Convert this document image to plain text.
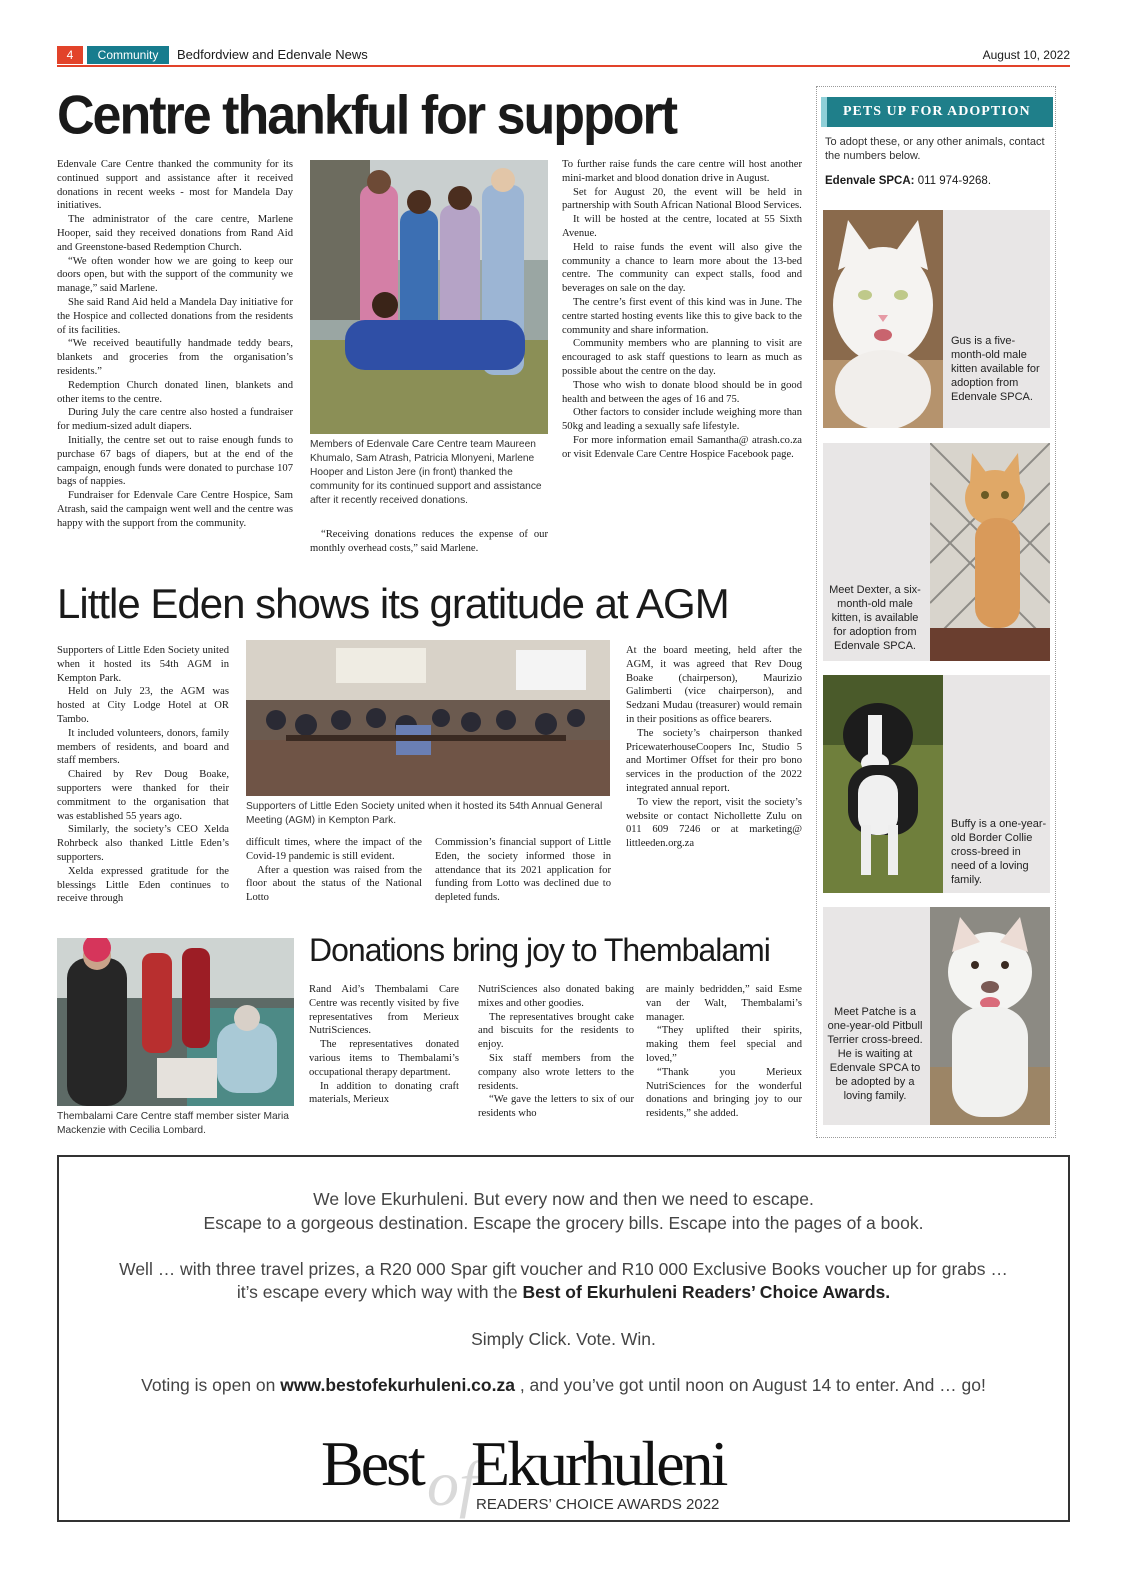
4	Community	Bedfordview and Edenvale News	August 10, 2022
Centre thankful for support

Edenvale Care Centre thanked the community for its continued support and assistance after it received donations in recent weeks - most for Mandela Day initiatives.

The administrator of the care centre, Marlene Hooper, said they received donations from Rand Aid and Greenstone-based Redemption Church.

“We often wonder how we are going to keep our doors open, but with the support of the community we manage,” said Marlene.

She said Rand Aid held a Mandela Day initiative for the Hospice and collected donations from the residents of its facilities.

“We received beautifully handmade teddy bears, blankets and groceries from the organisation’s residents.”

Redemption Church donated linen, blankets and other items to the centre.

During July the care centre also hosted a fundraiser for medium-sized adult diapers.

Initially, the centre set out to raise enough funds to purchase 67 bags of diapers, but at the end of the campaign, enough funds were donated to purchase 107 bags of nappies.

Fundraiser for Edenvale Care Centre Hospice, Sam Atrash, said the campaign went well and the centre was happy with the support from the community.

Members of Edenvale Care Centre team Maureen Khumalo, Sam Atrash, Patricia Mlonyeni, Marlene Hooper and Liston Jere (in front) thanked the community for its continued support and assistance after it recently received donations.

“Receiving donations reduces the expense of our monthly overhead costs,” said Marlene.

To further raise funds the care centre will host another mini-market and blood donation drive in August.

Set for August 20, the event will be held in partnership with South African National Blood Services.

It will be hosted at the centre, located at 55 Sixth Avenue.

Held to raise funds the event will also give the community a chance to learn more about the 13-bed centre. The community can expect stalls, food and beverages on sale on the day.

The centre’s first event of this kind was in June. The centre started hosting events like this to give back to the community and share information.

Community members who are planning to visit are encouraged to ask staff questions to learn as much as possible about the centre on the day.

Those who wish to donate blood should be in good health and between the ages of 16 and 75.

Other factors to consider include weighing more than 50kg and leading a sexually safe lifestyle.

For more information email Samantha@ atrash.co.za or visit Edenvale Care Centre Hospice Facebook page.

Little Eden shows its gratitude at AGM

Supporters of Little Eden Society united when it hosted its 54th AGM in Kempton Park.

Held on July 23, the AGM was hosted at City Lodge Hotel at OR Tambo.

It included volunteers, donors, family members of residents, and board and staff members.

Chaired by Rev Doug Boake, supporters were thanked for their commitment to the organisation that was established 55 years ago.

Similarly, the society’s CEO Xelda Rohrbeck also thanked Little Eden’s supporters.

Xelda expressed gratitude for the blessings Little Eden continues to receive through

Supporters of Little Eden Society united when it hosted its 54th Annual General Meeting (AGM) in Kempton Park.

difficult times, where the impact of the Covid-19 pandemic is still evident.

After a question was raised from the floor about the status of the National Lotto

Commission’s financial support of Little Eden, the society informed those in attendance that its 2021 application for funding from Lotto was declined due to depleted funds.

At the board meeting, held after the AGM, it was agreed that Rev Doug Boake (chairperson), Maurizio Galimberti (vice chairperson), and Sedzani Mudau (treasurer) would remain in their positions as office bearers.

The society’s chairperson thanked PricewaterhouseCoopers Inc, Studio 5 and Mortimer Offset for their pro bono services in the production of the 2022 integrated annual report.

To view the report, visit the society’s website or contact Nichollette Zulu on 011 609 7246 or at marketing@ littleeden.org.za

Thembalami Care Centre staff member sister Maria Mackenzie with Cecilia Lombard.
Donations bring joy to Thembalami

Rand Aid’s Thembalami Care Centre was recently visited by five representatives from Merieux NutriSciences.

The representatives donated various items to Thembalami’s occupational therapy department.

In addition to donating craft materials, Merieux

NutriSciences also donated baking mixes and other goodies.

The representatives brought cake and biscuits for the residents to enjoy.

Six staff members from the company also wrote letters to the residents.

“We gave the letters to six of our residents who

are mainly bedridden,” said Esme van der Walt, Thembalami’s manager.

“They uplifted their spirits, making them feel special and loved,”

“Thank you Merieux NutriSciences for the wonderful donations and bringing joy to our residents,” she added.

PETS UP FOR ADOPTION
To adopt these, or any other animals, contact the numbers below.
Edenvale SPCA: 011 974-9268.
Gus is a five-month-old male kitten available for adoption from Edenvale SPCA.
Meet Dexter, a six-month-old male kitten, is available for adoption from Edenvale SPCA.
Buffy is a one-year-old Border Collie cross-breed in need of a loving family.
Meet Patche is a one-year-old Pitbull Terrier cross-breed. He is waiting at Edenvale SPCA to be adopted by a loving family.
We love Ekurhuleni. But every now and then we need to escape.
Escape to a gorgeous destination. Escape the grocery bills. Escape into the pages of a book.
Well … with three travel prizes, a R20 000 Spar gift voucher and R10 000 Exclusive Books voucher up for grabs …
it’s escape every which way with the Best of Ekurhuleni Readers’ Choice Awards.
Simply Click. Vote. Win.
Voting is open on www.bestofekurhuleni.co.za , and you’ve got until noon on August 14 to enter. And … go!
of
Best Ekurhuleni
READERS’ CHOICE AWARDS 2022
